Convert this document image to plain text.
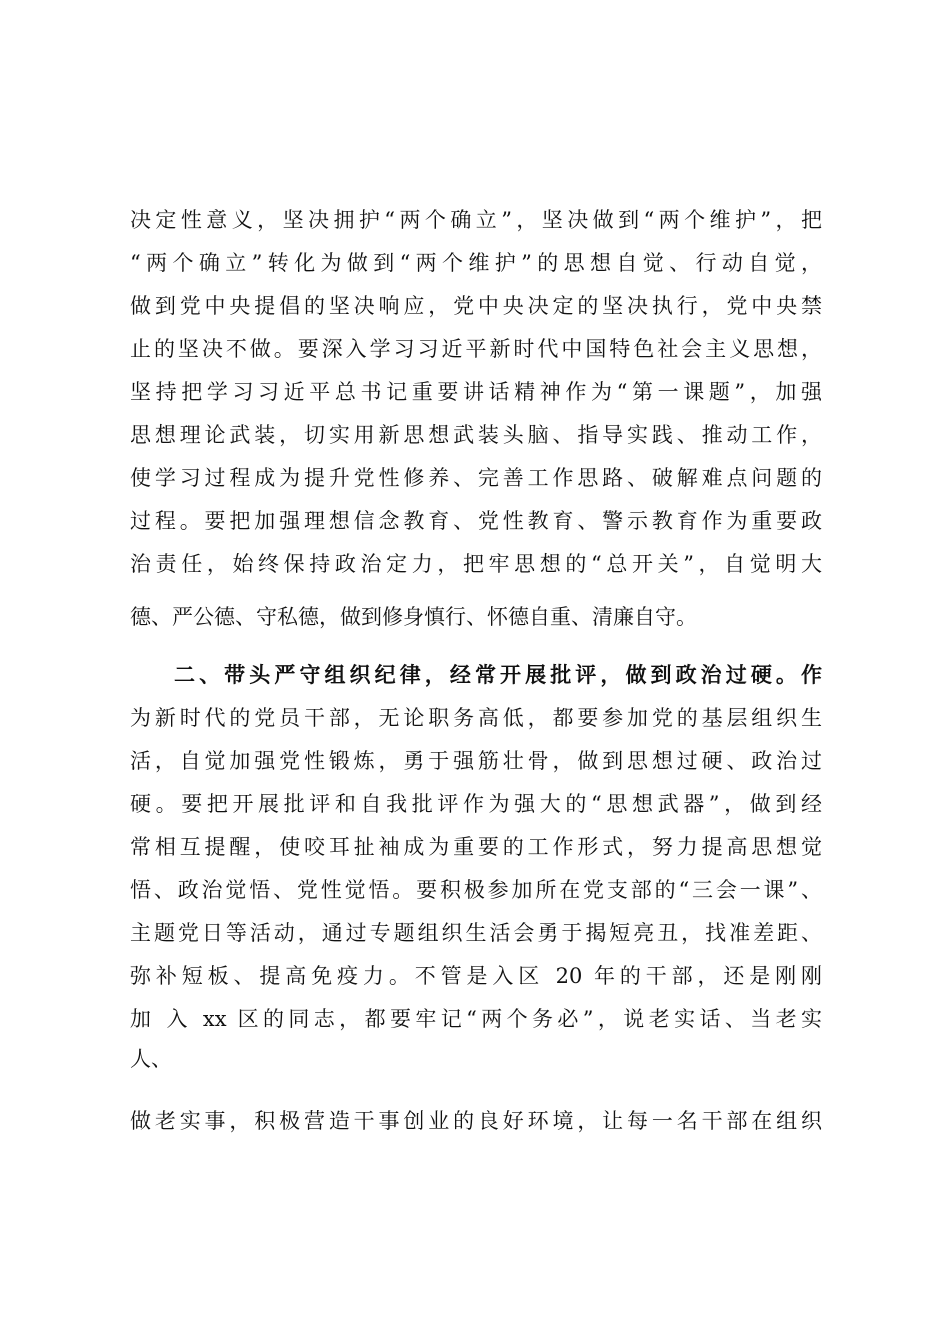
决定性意义，坚决拥护“两个确立”，坚决做到“两个维护”，把
“两个确立”转化为做到“两个维护”的思想自觉、行动自觉，
做到党中央提倡的坚决响应，党中央决定的坚决执行，党中央禁
止的坚决不做。要深入学习习近平新时代中国特色社会主义思想，
坚持把学习习近平总书记重要讲话精神作为“第一课题”，加强
思想理论武装，切实用新思想武装头脑、指导实践、推动工作，
使学习过程成为提升党性修养、完善工作思路、破解难点问题的
过程。要把加强理想信念教育、党性教育、警示教育作为重要政
治责任，始终保持政治定力，把牢思想的“总开关”，自觉明大
德、严公德、守私德，做到修身慎行、怀德自重、清廉自守。
二、带头严守组织纪律，经常开展批评，做到政治过硬。作
为新时代的党员干部，无论职务高低，都要参加党的基层组织生
活，自觉加强党性锻炼，勇于强筋壮骨，做到思想过硬、政治过
硬。要把开展批评和自我批评作为强大的“思想武器”，做到经
常相互提醒，使咬耳扯袖成为重要的工作形式，努力提高思想觉
悟、政治觉悟、党性觉悟。要积极参加所在党支部的“三会一课”、
主题党日等活动，通过专题组织生活会勇于揭短亮丑，找准差距、
弥补短板、提高免疫力。不管是入区 20 年的干部，还是刚刚
加 入 xx 区的同志，都要牢记“两个务必”，说老实话、当老实
人、
做老实事，积极营造干事创业的良好环境，让每一名干部在组织
